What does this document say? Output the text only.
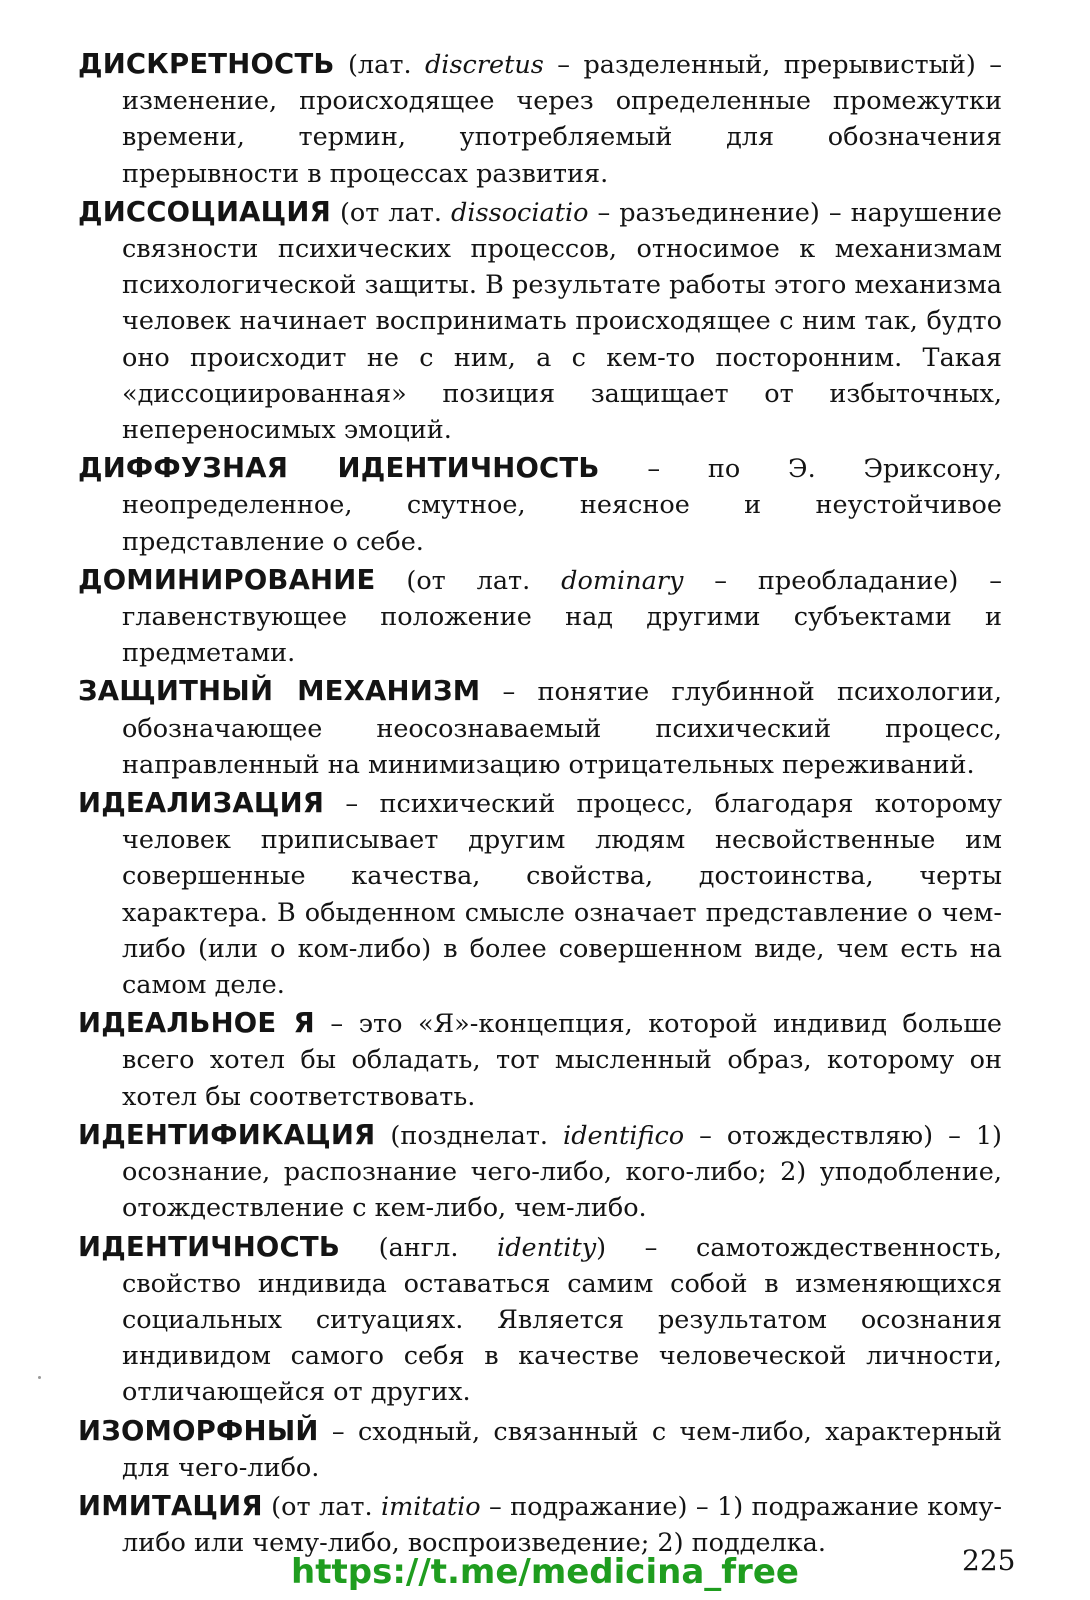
ДИСКРЕТНОСТЬ (лат. discretus – разделенный, прерывистый) – изменение, происходящее через определенные промежутки времени, термин, употребляемый для обозначения прерывности в процессах развития.

ДИССОЦИАЦИЯ (от лат. dissociatio – разъединение) – нарушение связности психических процессов, относимое к механизмам психологической защиты. В результате работы этого механизма человек начинает воспринимать происходящее с ним так, будто оно происходит не с ним, а с кем-то посторонним. Такая «диссоциированная» позиция защищает от избыточных, непереносимых эмоций.

ДИФФУЗНАЯ ИДЕНТИЧНОСТЬ – по Э. Эриксону, неопределенное, смутное, неясное и неустойчивое представление о себе.

ДОМИНИРОВАНИЕ (от лат. dominary – преобладание) – главенствующее положение над другими субъектами и предметами.

ЗАЩИТНЫЙ МЕХАНИЗМ – понятие глубинной психологии, обозначающее неосознаваемый психический процесс, направленный на минимизацию отрицательных переживаний.

ИДЕАЛИЗАЦИЯ – психический процесс, благодаря которому человек приписывает другим людям несвойственные им совершенные качества, свойства, достоинства, черты характера. В обыденном смысле означает представление о чем-либо (или о ком-либо) в более совершенном виде, чем есть на самом деле.

ИДЕАЛЬНОЕ Я – это «Я»-концепция, которой индивид больше всего хотел бы обладать, тот мысленный образ, которому он хотел бы соответствовать.

ИДЕНТИФИКАЦИЯ (позднелат. identifico – отождествляю) – 1) осознание, распознание чего-либо, кого-либо; 2) уподобление, отождествление с кем-либо, чем-либо.

ИДЕНТИЧНОСТЬ (англ. identity) – самотождественность, свойство индивида оставаться самим собой в изменяющихся социальных ситуациях. Является результатом осознания индивидом самого себя в качестве человеческой личности, отличающейся от других.

ИЗОМОРФНЫЙ – сходный, связанный с чем-либо, характерный для чего-либо.

ИМИТАЦИЯ (от лат. imitatio – подражание) – 1) подражание кому-либо или чему-либо, воспроизведение; 2) подделка.

https://t.me/medicina_free	225
